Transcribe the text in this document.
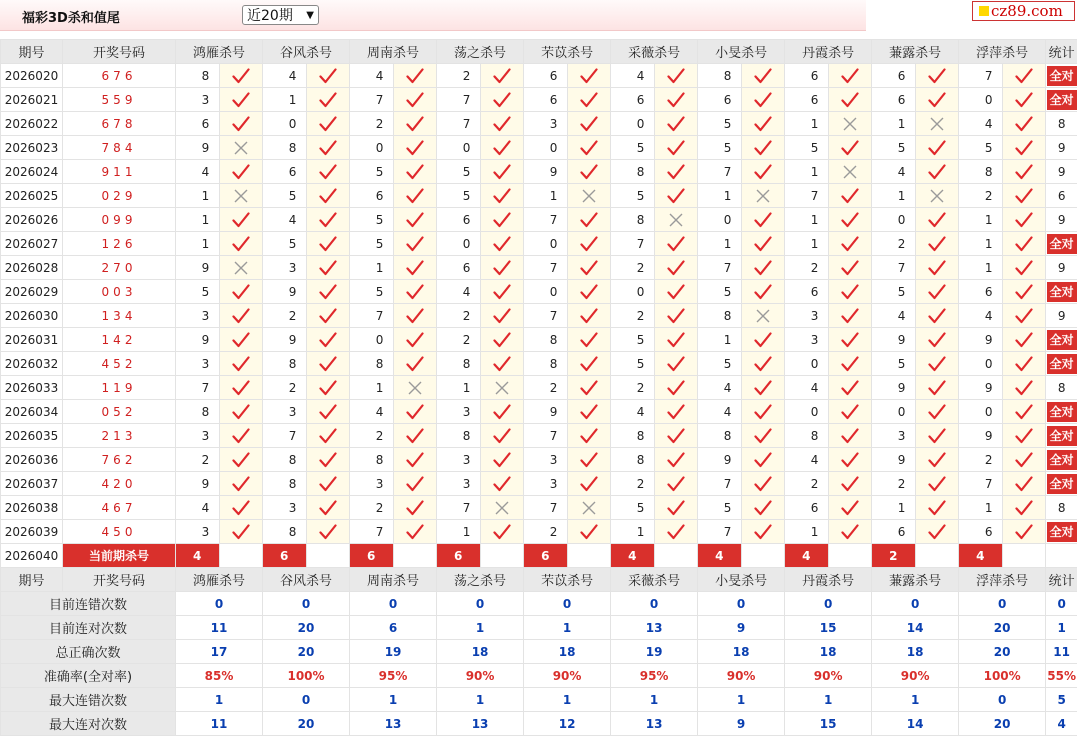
福彩3D杀和值尾	近20期 ▼	cz89.com
期号	开奖号码	鸿雁杀号		谷风杀号		周南杀号		荡之杀号		芣苡杀号		采薇杀号		小旻杀号		丹霞杀号		蒹露杀号		浮萍杀号		统计
2026020	676	8		4		4		2		6		4		8		6		6		7		全对
2026021	559	3		1		7		7		6		6		6		6		6		0		全对
2026022	678	6		0		2		7		3		0		5		1		1		4		8
2026023	784	9		8		0		0		0		5		5		5		5		5		9
2026024	911	4		6		5		5		9		8		7		1		4		8		9
2026025	029	1		5		6		5		1		5		1		7		1		2		6
2026026	099	1		4		5		6		7		8		0		1		0		1		9
2026027	126	1		5		5		0		0		7		1		1		2		1		全对
2026028	270	9		3		1		6		7		2		7		2		7		1		9
2026029	003	5		9		5		4		0		0		5		6		5		6		全对
2026030	134	3		2		7		2		7		2		8		3		4		4		9
2026031	142	9		9		0		2		8		5		1		3		9		9		全对
2026032	452	3		8		8		8		8		5		5		0		5		0		全对
2026033	119	7		2		1		1		2		2		4		4		9		9		8
2026034	052	8		3		4		3		9		4		4		0		0		0		全对
2026035	213	3		7		2		8		7		8		8		8		3		9		全对
2026036	762	2		8		8		3		3		8		9		4		9		2		全对
2026037	420	9		8		3		3		3		2		7		2		2		7		全对
2026038	467	4		3		2		7		7		5		5		6		1		1		8
2026039	450	3		8		7		1		2		1		7		1		6		6		全对
2026040	当前期杀号	4		6		6		6		6		4		4		4		2		4		
期号	开奖号码	鸿雁杀号		谷风杀号		周南杀号		荡之杀号		芣苡杀号		采薇杀号		小旻杀号		丹霞杀号		蒹露杀号		浮萍杀号		统计
目前连错次数		0		0		0		0		0		0		0		0		0		0		0
目前连对次数		11		20		6		1		1		13		9		15		14		20		1
总正确次数		17		20		19		18		18		19		18		18		18		20		11
准确率(全对率)		85%		100%		95%		90%		90%		95%		90%		90%		90%		100%		55%
最大连错次数		1		0		1		1		1		1		1		1		1		0		5
最大连对次数		11		20		13		13		12		13		9		15		14		20		4
